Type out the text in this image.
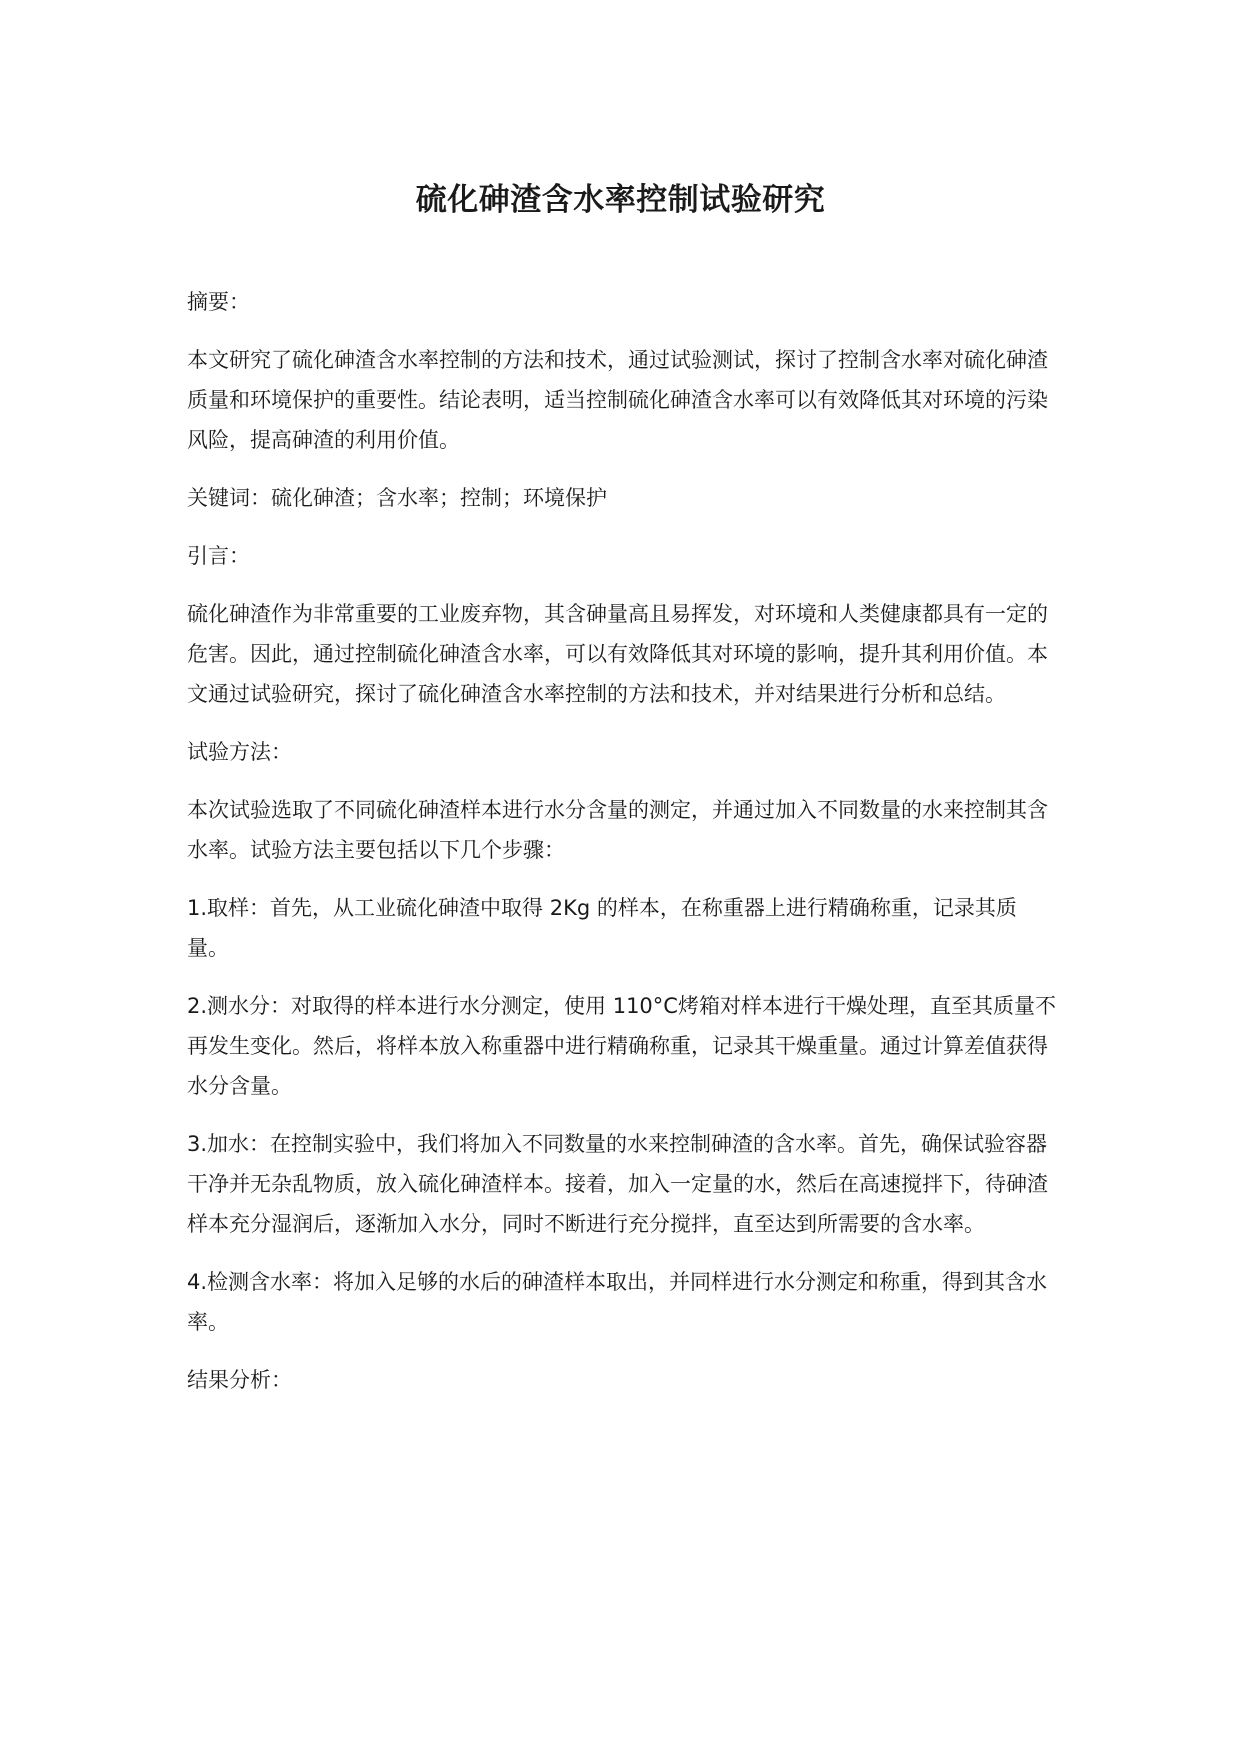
硫化砷渣含水率控制试验研究

摘要：

本文研究了硫化砷渣含水率控制的方法和技术，通过试验测试，探讨了控制含水率对硫化砷渣质量和环境保护的重要性。结论表明，适当控制硫化砷渣含水率可以有效降低其对环境的污染风险，提高砷渣的利用价值。

关键词：硫化砷渣；含水率；控制；环境保护

引言：

硫化砷渣作为非常重要的工业废弃物，其含砷量高且易挥发，对环境和人类健康都具有一定的危害。因此，通过控制硫化砷渣含水率，可以有效降低其对环境的影响，提升其利用价值。本文通过试验研究，探讨了硫化砷渣含水率控制的方法和技术，并对结果进行分析和总结。

试验方法：

本次试验选取了不同硫化砷渣样本进行水分含量的测定，并通过加入不同数量的水来控制其含水率。试验方法主要包括以下几个步骤：

1.取样：首先，从工业硫化砷渣中取得 2Kg 的样本，在称重器上进行精确称重，记录其质量。

2.测水分：对取得的样本进行水分测定，使用 110°C烤箱对样本进行干燥处理，直至其质量不再发生变化。然后，将样本放入称重器中进行精确称重，记录其干燥重量。通过计算差值获得水分含量。

3.加水：在控制实验中，我们将加入不同数量的水来控制砷渣的含水率。首先，确保试验容器干净并无杂乱物质，放入硫化砷渣样本。接着，加入一定量的水，然后在高速搅拌下，待砷渣样本充分湿润后，逐渐加入水分，同时不断进行充分搅拌，直至达到所需要的含水率。

4.检测含水率：将加入足够的水后的砷渣样本取出，并同样进行水分测定和称重，得到其含水率。

结果分析：
